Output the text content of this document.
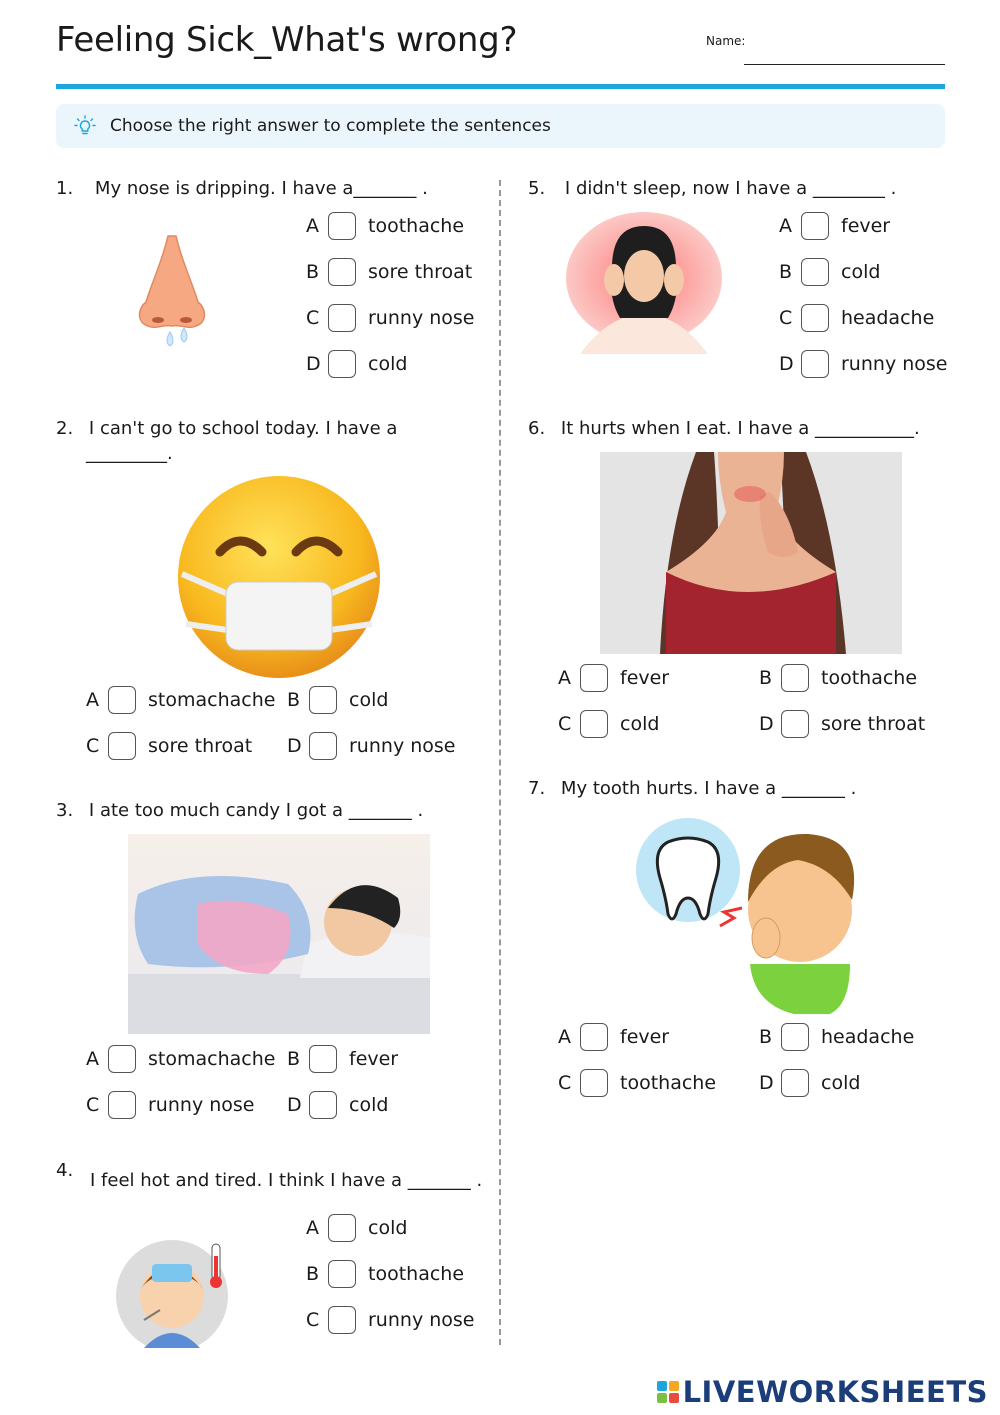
Feeling Sick_What's wrong?	Name:
Choose the right answer to complete the sentences
1. My nose is dripping. I have a_______ .
A	toothache
B	sore throat
C	runny nose
D cold
2. I can't go to school today. I have a
_________.
A	stomachache B	cold
C	sore throat D runny nose
3. I ate too much candy I got a _______ .
A	stomachache B	fever
C	runny nose D cold
4. I feel hot and tired. I think I have a _______ .
A	cold
B	toothache
C	runny nose
5. I didn't sleep, now I have a ________ .
A	fever
B	cold
C	headache
D runny nose
6. It hurts when I eat. I have a ___________.
A	fever	B	toothache
C	cold	D sore throat
7. My tooth hurts. I have a _______ .
A	fever	B	headache
C	toothache D cold
LIVEWORKSHEETS
